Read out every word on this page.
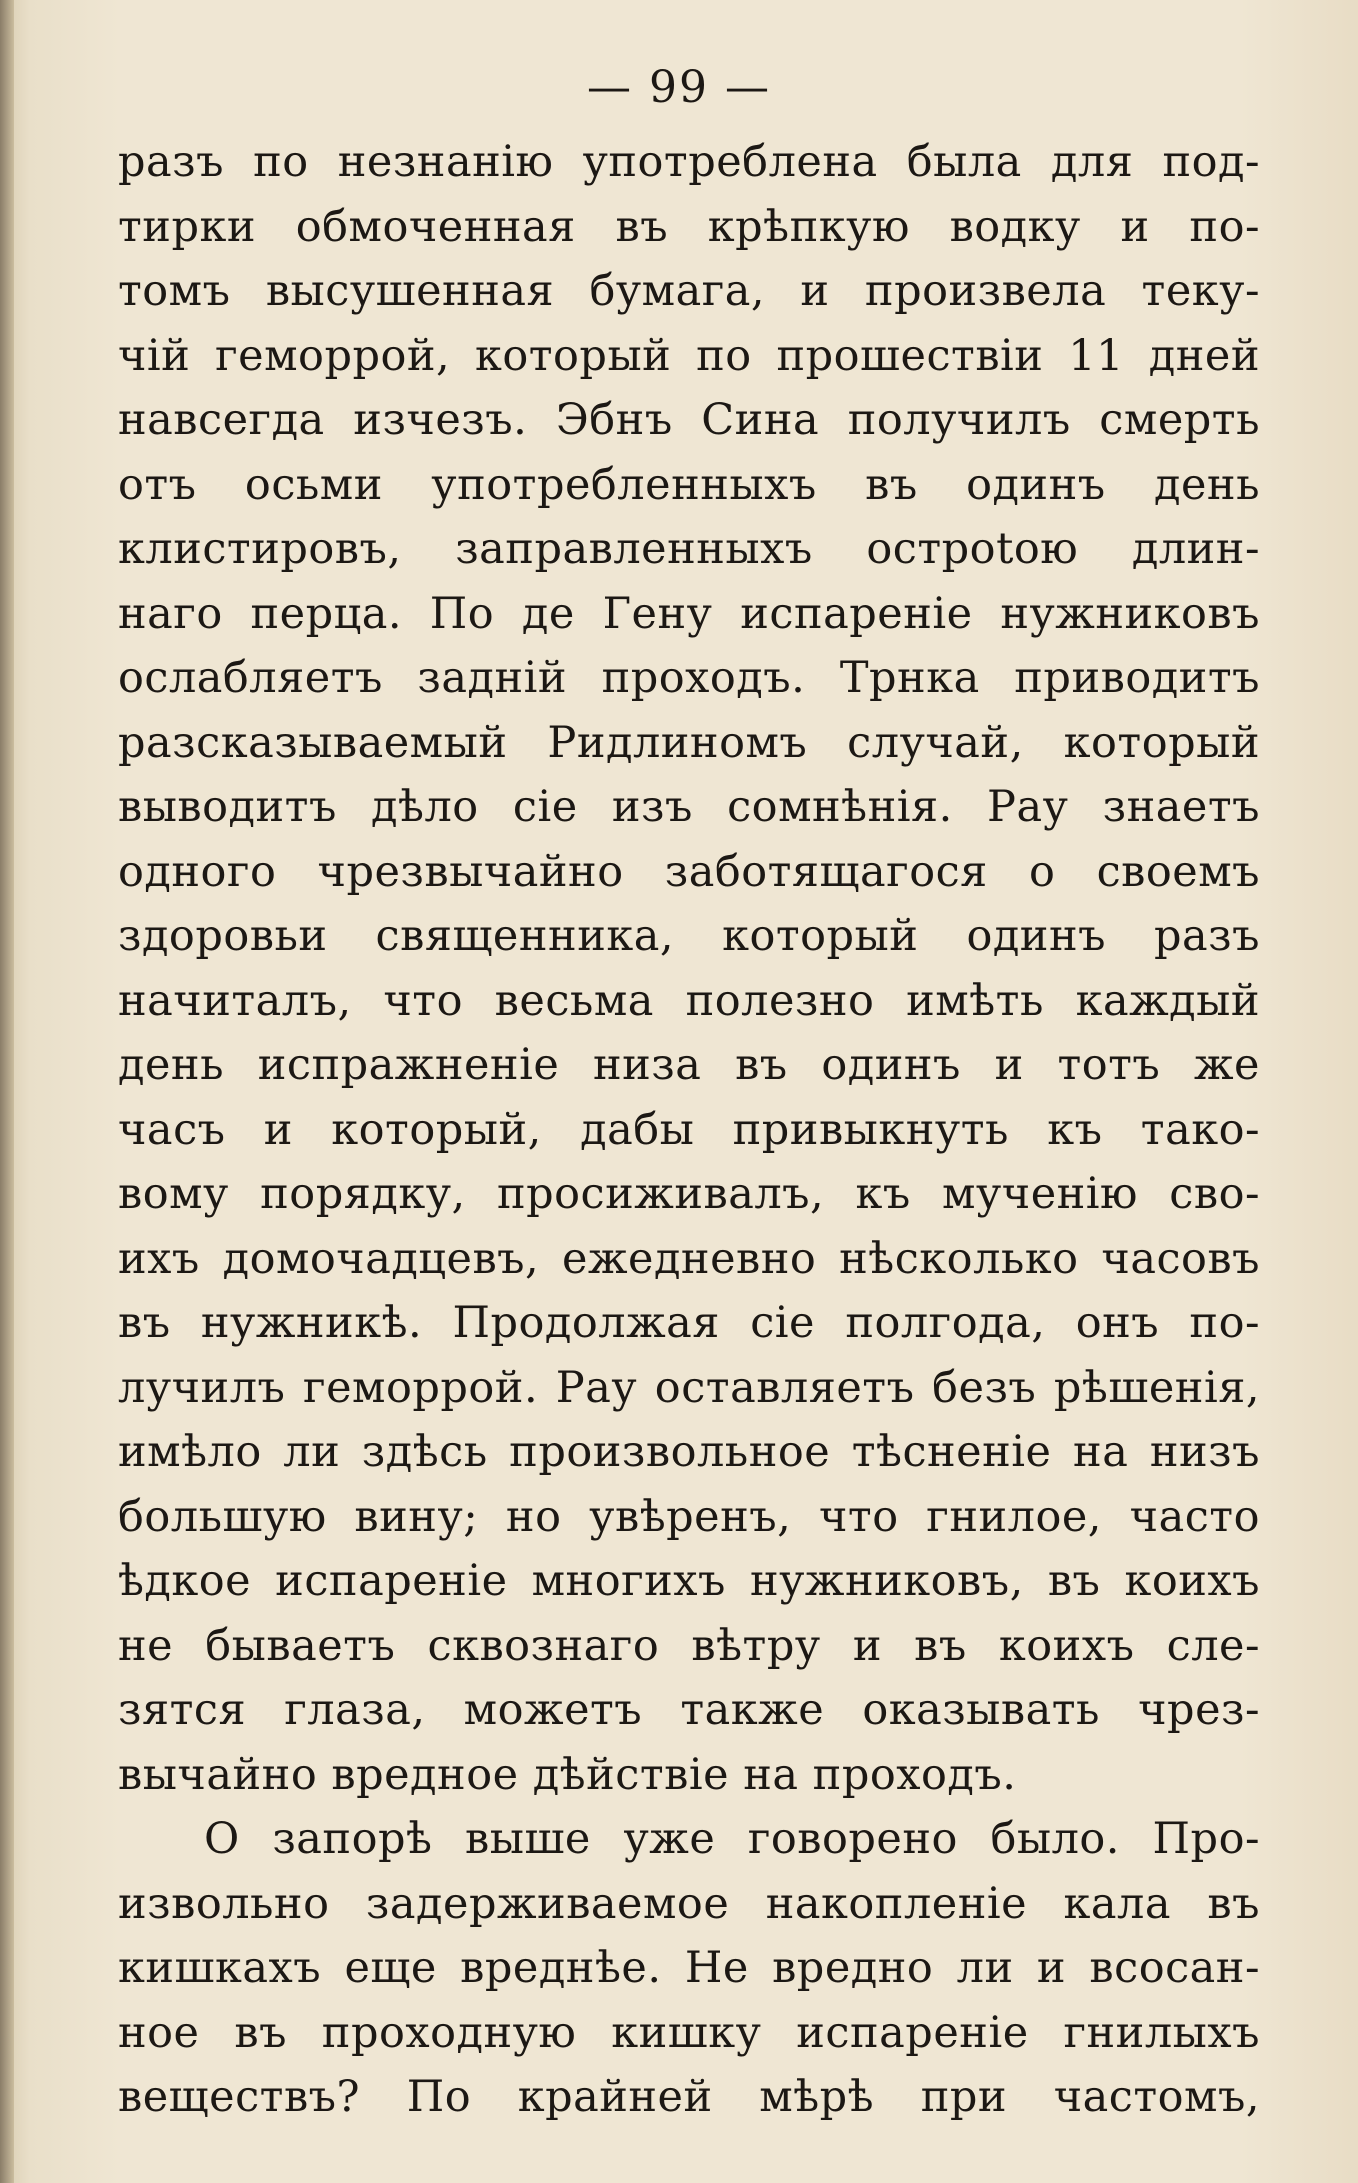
— 99 —
разъ по незнанію употреблена была для под-
тирки обмоченная въ крѣпкую водку и по-
томъ высушенная бумага, и произвела теку-
чій геморрой, который по прошествіи 11 дней
навсегда изчезъ. Эбнъ Сина получилъ смерть
отъ осьми употребленныхъ въ одинъ день
клистировъ, заправленныхъ острotoю длин-
наго перца. По де Гену испареніе нужниковъ
ослабляетъ задній проходъ. Трнка приводитъ
разсказываемый Ридлиномъ случай, который
выводитъ дѣло сіе изъ сомнѣнія. Рау знаетъ
одного чрезвычайно заботящагося о своемъ
здоровьи священника, который одинъ разъ
начиталъ, что весьма полезно имѣть каждый
день испражненіе низа въ одинъ и тотъ же
часъ и который, дабы привыкнуть къ тако-
вому порядку, просиживалъ, къ мученію сво-
ихъ домочадцевъ, ежедневно нѣсколько часовъ
въ нужникѣ. Продолжая сіе полгода, онъ по-
лучилъ геморрой. Рау оставляетъ безъ рѣшенія,
имѣло ли здѣсь произвольное тѣсненіе на низъ
большую вину; но увѣренъ, что гнилое, часто
ѣдкое испареніе многихъ нужниковъ, въ коихъ
не бываетъ сквознаго вѣтру и въ коихъ сле-
зятся глаза, можетъ также оказывать чрез-
вычайно вредное дѣйствіе на проходъ.
О запорѣ выше уже говорено было. Про-
извольно задерживаемое накопленіе кала въ
кишкахъ еще вреднѣе. Не вредно ли и всосан-
ное въ проходную кишку испареніе гнилыхъ
веществъ? По крайней мѣрѣ при частомъ,
